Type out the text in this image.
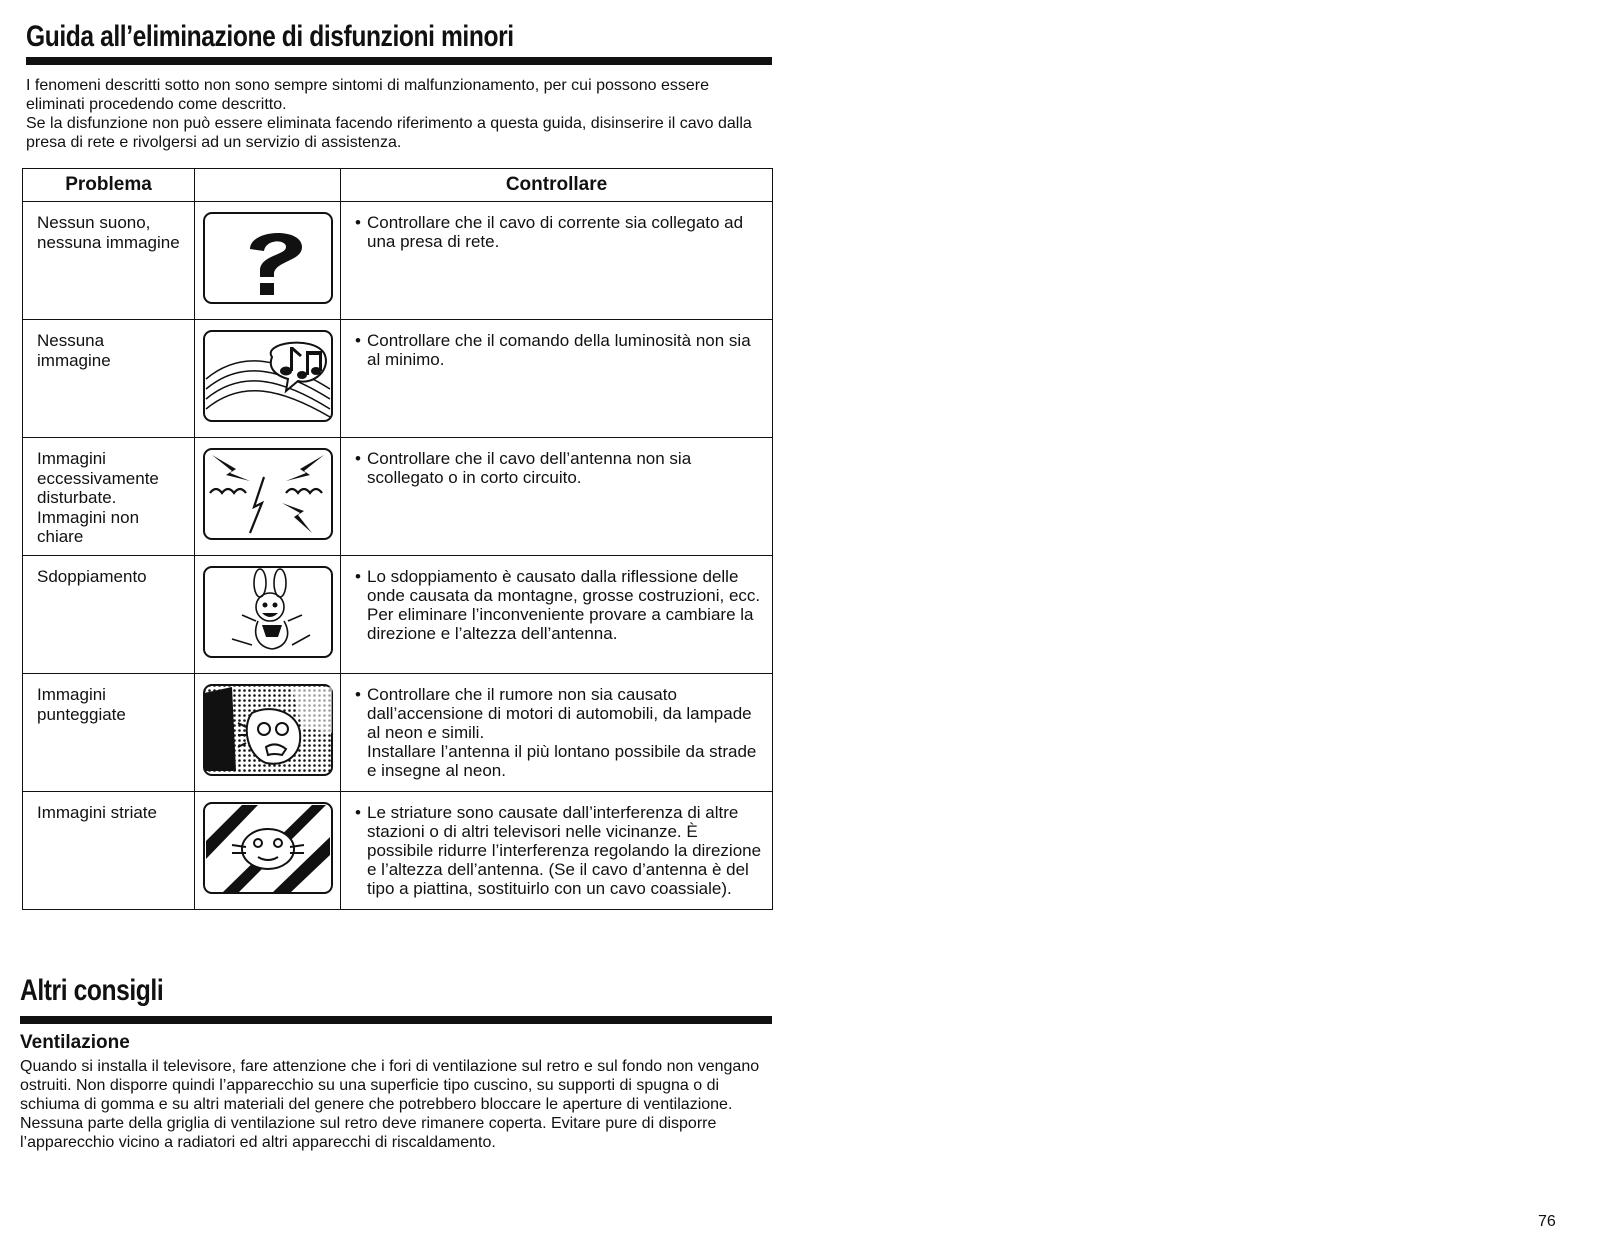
Guida all’eliminazione di disfunzioni minori

I fenomeni descritti sotto non sono sempre sintomi di malfunzionamento, per cui possono essere eliminati procedendo come descritto.

Se la disfunzione non può essere eliminata facendo riferimento a questa guida, disinserire il cavo dalla presa di rete e rivolgersi ad un servizio di assistenza.

Problema		Controllare
Nessun suono, nessuna immagine		• Controllare che il cavo di corrente sia collegato ad una presa di rete.

Nessuna immagine		• Controllare che il comando della luminosità non sia al minimo.

Immagini eccessivamente disturbate. Immagini non chiare		• Controllare che il cavo dell’antenna non sia scollegato o in corto circuito.

Sdoppiamento		• Lo sdoppiamento è causato dalla riflessione delle onde causata da montagne, grosse costruzioni, ecc. Per eliminare l’inconveniente provare a cambiare la direzione e l’altezza dell’antenna.

Immagini punteggiate		• Controllare che il rumore non sia causato dall’accensione di motori di automobili, da lampade al neon e simili.

Installare l’antenna il più lontano possibile da strade e insegne al neon.

Immagini striate		• Le striature sono causate dall’interferenza di altre stazioni o di altri televisori nelle vicinanze. È possibile ridurre l’interferenza regolando la direzione e l’altezza dell’antenna. (Se il cavo d’antenna è del tipo a piattina, sostituirlo con un cavo coassiale).

Altri consigli
Ventilazione

Quando si installa il televisore, fare attenzione che i fori di ventilazione sul retro e sul fondo non vengano ostruiti. Non disporre quindi l’apparecchio su una superficie tipo cuscino, su supporti di spugna o di schiuma di gomma e su altri materiali del genere che potrebbero bloccare le aperture di ventilazione. Nessuna parte della griglia di ventilazione sul retro deve rimanere coperta. Evitare pure di disporre l’apparecchio vicino a radiatori ed altri apparecchi di riscaldamento.

76
